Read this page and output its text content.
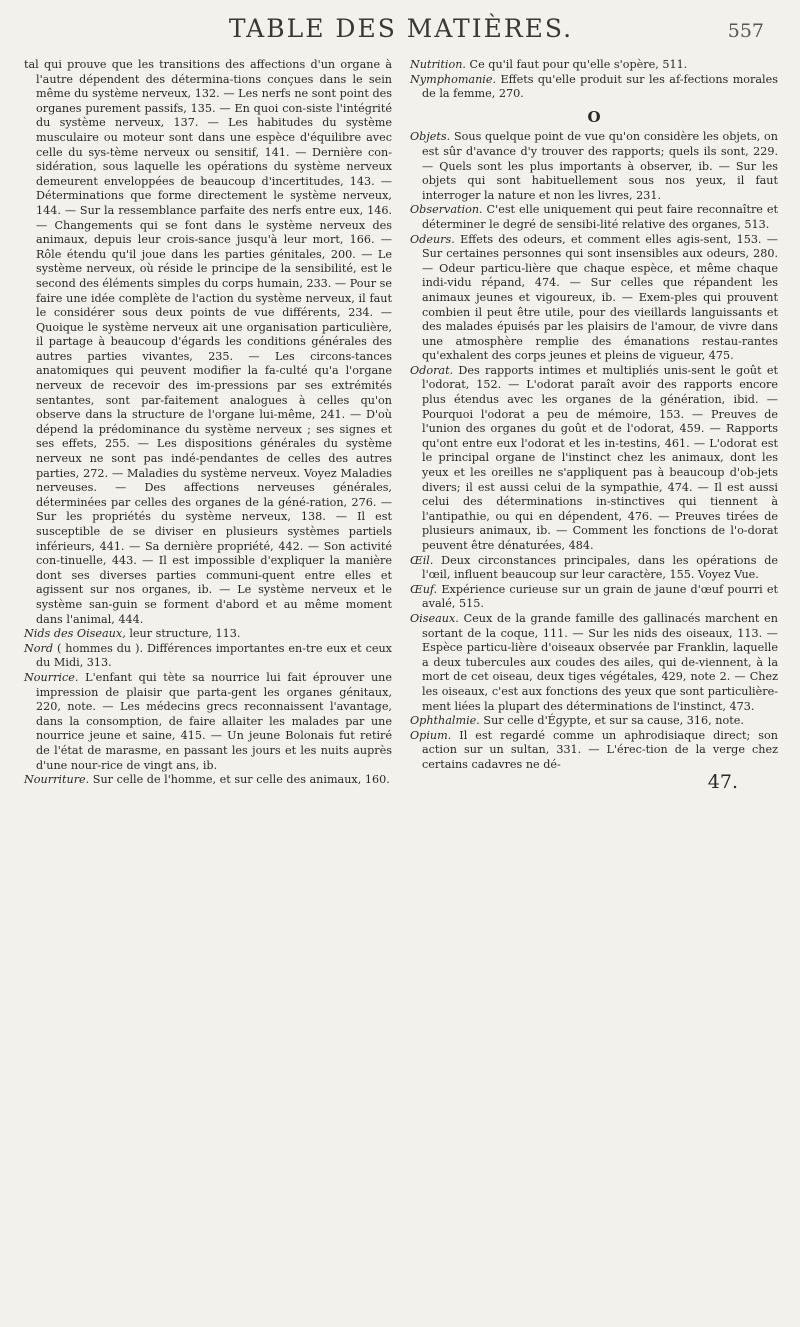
TABLE DES MATIÈRES.	557

tal qui prouve que les transitions des affections d'un organe à l'autre dépendent des détermina-tions conçues dans le sein même du système nerveux, 132. — Les nerfs ne sont point des organes purement passifs, 135. — En quoi con-siste l'intégrité du système nerveux, 137. — Les habitudes du système musculaire ou moteur sont dans une espèce d'équilibre avec celle du sys-tème nerveux ou sensitif, 141. — Dernière con-sidération, sous laquelle les opérations du système nerveux demeurent enveloppées de beaucoup d'incertitudes, 143. — Déterminations que forme directement le système nerveux, 144. — Sur la ressemblance parfaite des nerfs entre eux, 146. — Changements qui se font dans le système nerveux des animaux, depuis leur crois-sance jusqu'à leur mort, 166. — Rôle étendu qu'il joue dans les parties génitales, 200. — Le système nerveux, où réside le principe de la sensibilité, est le second des éléments simples du corps humain, 233. — Pour se faire une idée complète de l'action du système nerveux, il faut le considérer sous deux points de vue différents, 234. — Quoique le système nerveux ait une organisation particulière, il partage à beaucoup d'égards les conditions générales des autres parties vivantes, 235. — Les circons-tances anatomiques qui peuvent modifier la fa-culté qu'a l'organe nerveux de recevoir des im-pressions par ses extrémités sentantes, sont par-faitement analogues à celles qu'on observe dans la structure de l'organe lui-même, 241. — D'où dépend la prédominance du système nerveux ; ses signes et ses effets, 255. — Les dispositions générales du système nerveux ne sont pas indé-pendantes de celles des autres parties, 272. — Maladies du système nerveux. Voyez Maladies nerveuses. — Des affections nerveuses générales, déterminées par celles des organes de la géné-ration, 276. — Sur les propriétés du système nerveux, 138. — Il est susceptible de se diviser en plusieurs systèmes partiels inférieurs, 441. — Sa dernière propriété, 442. — Son activité con-tinuelle, 443. — Il est impossible d'expliquer la manière dont ses diverses parties communi-quent entre elles et agissent sur nos organes, ib. — Le système nerveux et le système san-guin se forment d'abord et au même moment dans l'animal, 444.

Nids des Oiseaux, leur structure, 113.

Nord ( hommes du ). Différences importantes en-tre eux et ceux du Midi, 313.

Nourrice. L'enfant qui tète sa nourrice lui fait éprouver une impression de plaisir que parta-gent les organes génitaux, 220, note. — Les médecins grecs reconnaissent l'avantage, dans la consomption, de faire allaiter les malades par une nourrice jeune et saine, 415. — Un jeune Bolonais fut retiré de l'état de marasme, en passant les jours et les nuits auprès d'une nour-rice de vingt ans, ib.

Nourriture. Sur celle de l'homme, et sur celle des animaux, 160.

Nutrition. Ce qu'il faut pour qu'elle s'opère, 511.

Nymphomanie. Effets qu'elle produit sur les af-fections morales de la femme, 270.

O

Objets. Sous quelque point de vue qu'on considère les objets, on est sûr d'avance d'y trouver des rapports; quels ils sont, 229. — Quels sont les plus importants à observer, ib. — Sur les objets qui sont habituellement sous nos yeux, il faut interroger la nature et non les livres, 231.

Observation. C'est elle uniquement qui peut faire reconnaître et déterminer le degré de sensibi-lité relative des organes, 513.

Odeurs. Effets des odeurs, et comment elles agis-sent, 153. — Sur certaines personnes qui sont insensibles aux odeurs, 280. — Odeur particu-lière que chaque espèce, et même chaque indi-vidu répand, 474. — Sur celles que répandent les animaux jeunes et vigoureux, ib. — Exem-ples qui prouvent combien il peut être utile, pour des vieillards languissants et des malades épuisés par les plaisirs de l'amour, de vivre dans une atmosphère remplie des émanations restau-rantes qu'exhalent des corps jeunes et pleins de vigueur, 475.

Odorat. Des rapports intimes et multipliés unis-sent le goût et l'odorat, 152. — L'odorat paraît avoir des rapports encore plus étendus avec les organes de la génération, ibid. — Pourquoi l'odorat a peu de mémoire, 153. — Preuves de l'union des organes du goût et de l'odorat, 459. — Rapports qu'ont entre eux l'odorat et les in-testins, 461. — L'odorat est le principal organe de l'instinct chez les animaux, dont les yeux et les oreilles ne s'appliquent pas à beaucoup d'ob-jets divers; il est aussi celui de la sympathie, 474. — Il est aussi celui des déterminations in-stinctives qui tiennent à l'antipathie, ou qui en dépendent, 476. — Preuves tirées de plusieurs animaux, ib. — Comment les fonctions de l'o-dorat peuvent être dénaturées, 484.

Œil. Deux circonstances principales, dans les opérations de l'œil, influent beaucoup sur leur caractère, 155. Voyez Vue.

Œuf. Expérience curieuse sur un grain de jaune d'œuf pourri et avalé, 515.

Oiseaux. Ceux de la grande famille des gallinacés marchent en sortant de la coque, 111. — Sur les nids des oiseaux, 113. — Espèce particu-lière d'oiseaux observée par Franklin, laquelle a deux tubercules aux coudes des ailes, qui de-viennent, à la mort de cet oiseau, deux tiges végétales, 429, note 2. — Chez les oiseaux, c'est aux fonctions des yeux que sont particulière-ment liées la plupart des déterminations de l'instinct, 473.

Ophthalmie. Sur celle d'Égypte, et sur sa cause, 316, note.

Opium. Il est regardé comme un aphrodisiaque direct; son action sur un sultan, 331. — L'érec-tion de la verge chez certains cadavres ne dé-

47.
